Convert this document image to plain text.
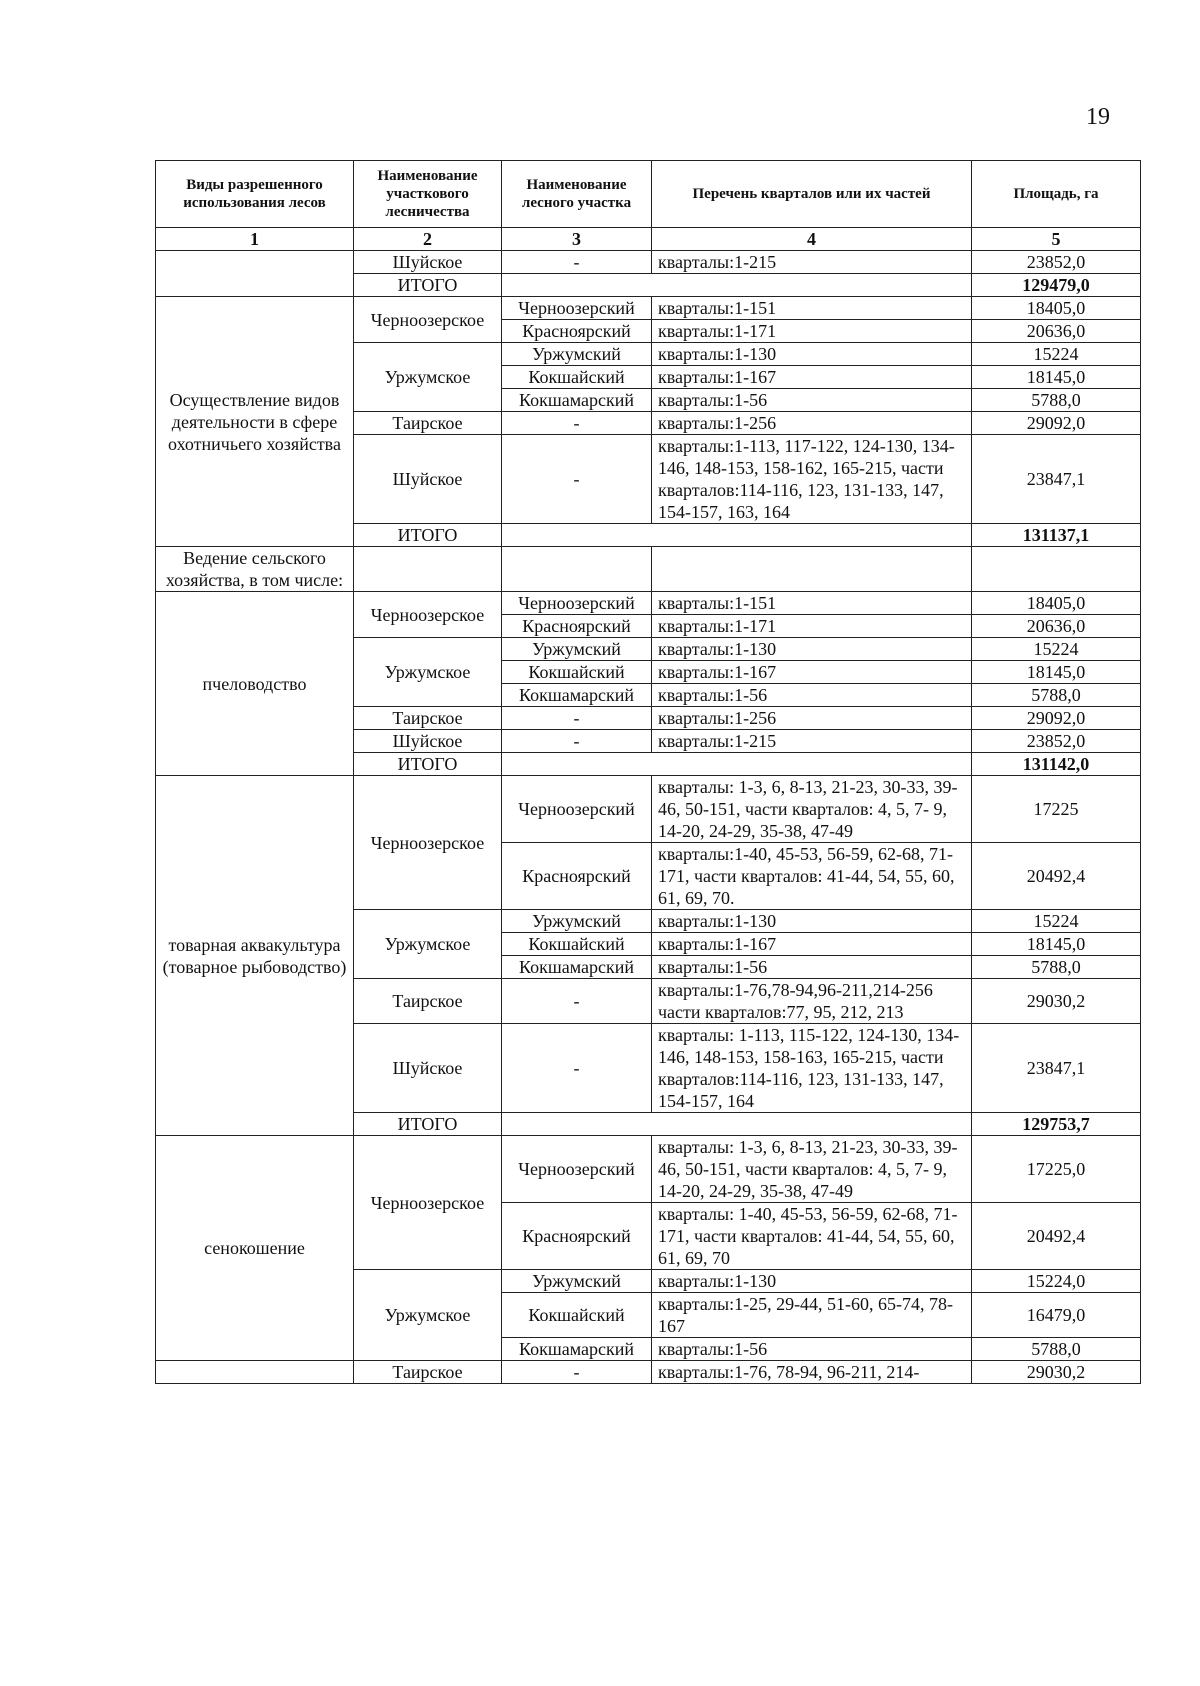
19
Виды разрешенного использования лесов	Наименование участкового лесничества	Наименование лесного участка	Перечень кварталов или их частей	Площадь, га
1	2	3	4	5
	Шуйское	-	кварталы:1-215	23852,0
	ИТОГО			129479,0
Осуществление видов деятельности в сфере охотничьего хозяйства	Черноозерское	Черноозерский	кварталы:1-151	18405,0
		Красноярский	кварталы:1-171	20636,0
	Уржумское	Уржумский	кварталы:1-130	15224
		Кокшайский	кварталы:1-167	18145,0
		Кокшамарский	кварталы:1-56	5788,0
	Таирское	-	кварталы:1-256	29092,0
	Шуйское	-	кварталы:1-113, 117-122, 124-130, 134-146, 148-153, 158-162, 165-215, части кварталов:114-116, 123, 131-133, 147, 154-157, 163, 164	23847,1
	ИТОГО			131137,1
Ведение сельского хозяйства, в том числе:				
пчеловодство	Черноозерское	Черноозерский	кварталы:1-151	18405,0
		Красноярский	кварталы:1-171	20636,0
	Уржумское	Уржумский	кварталы:1-130	15224
		Кокшайский	кварталы:1-167	18145,0
		Кокшамарский	кварталы:1-56	5788,0
	Таирское	-	кварталы:1-256	29092,0
	Шуйское	-	кварталы:1-215	23852,0
	ИТОГО			131142,0
товарная аквакультура (товарное рыбоводство)	Черноозерское	Черноозерский	кварталы: 1-3, 6, 8-13, 21-23, 30-33, 39-46, 50-151, части кварталов: 4, 5, 7- 9, 14-20, 24-29, 35-38, 47-49	17225
		Красноярский	кварталы:1-40, 45-53, 56-59, 62-68, 71-171, части кварталов: 41-44, 54, 55, 60, 61, 69, 70.	20492,4
	Уржумское	Уржумский	кварталы:1-130	15224
		Кокшайский	кварталы:1-167	18145,0
		Кокшамарский	кварталы:1-56	5788,0
	Таирское	-	кварталы:1-76,78-94,96-211,214-256 части кварталов:77, 95, 212, 213	29030,2
	Шуйское	-	кварталы: 1-113, 115-122, 124-130, 134-146, 148-153, 158-163, 165-215, части кварталов:114-116, 123, 131-133, 147, 154-157, 164	23847,1
	ИТОГО			129753,7
сенокошение	Черноозерское	Черноозерский	кварталы: 1-3, 6, 8-13, 21-23, 30-33, 39-46, 50-151, части кварталов: 4, 5, 7- 9, 14-20, 24-29, 35-38, 47-49	17225,0
		Красноярский	кварталы: 1-40, 45-53, 56-59, 62-68, 71-171, части кварталов: 41-44, 54, 55, 60, 61, 69, 70	20492,4
	Уржумское	Уржумский	кварталы:1-130	15224,0
		Кокшайский	кварталы:1-25, 29-44, 51-60, 65-74, 78-167	16479,0
		Кокшамарский	кварталы:1-56	5788,0
	Таирское	-	кварталы:1-76, 78-94, 96-211, 214-	29030,2
